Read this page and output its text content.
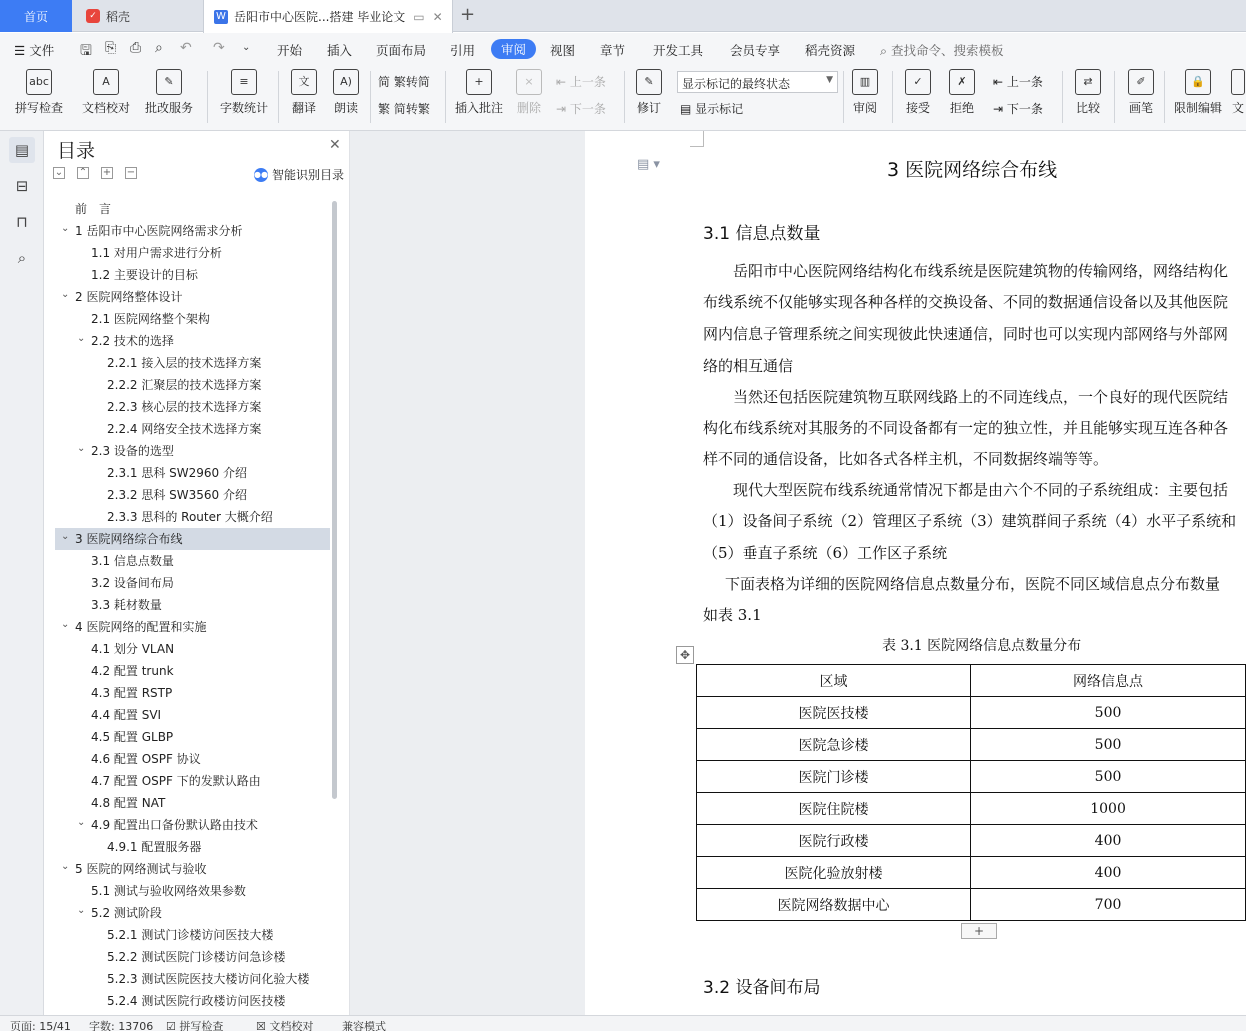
首页	✓ 稻壳	W 岳阳市中心医院...搭建 毕业论文 ▭ ✕ +
☰ 文件 🖫 ⎘ ⎙ ⌕ ↶ ↷ ⌄ 开始 插入 页面布局 引用	审阅	视图 章节 开发工具 会员专享 稻壳资源 ⌕ 查找命令、搜索模板
abc
拼写检查
A
文档校对
✎
批改服务
≡
字数统计
文
翻译
A)
朗读
简 繁转简
繁 简转繁
+
插入批注
×
删除
⇤ 上一条
⇥ 下一条
✎
修订
显示标记的最终状态	▼
▤ 显示标记
▥
审阅
✓
接受
✗
拒绝
⇤ 上一条
⇥ 下一条
⇄
比较
✐
画笔
🔒
限制编辑 文
▤
⊟
⊓
⌕
目录	✕
⌄ ⌃ + −	●● 智能识别目录
前　言
⌄ 1 岳阳市中心医院网络需求分析
1.1 对用户需求进行分析
1.2 主要设计的目标
⌄ 2 医院网络整体设计
2.1 医院网络整个架构
⌄ 2.2 技术的选择
2.2.1 接入层的技术选择方案
2.2.2 汇聚层的技术选择方案
2.2.3 核心层的技术选择方案
2.2.4 网络安全技术选择方案
⌄ 2.3 设备的选型
2.3.1 思科 SW2960 介绍
2.3.2 思科 SW3560 介绍
2.3.3 思科的 Router 大概介绍
⌄ 3 医院网络综合布线
3.1 信息点数量
3.2 设备间布局
3.3 耗材数量
⌄ 4 医院网络的配置和实施
4.1 划分 VLAN
4.2 配置 trunk
4.3 配置 RSTP
4.4 配置 SVI
4.5 配置 GLBP
4.6 配置 OSPF 协议
4.7 配置 OSPF 下的发默认路由
4.8 配置 NAT
⌄ 4.9 配置出口备份默认路由技术
4.9.1 配置服务器
⌄ 5 医院的网络测试与验收
5.1 测试与验收网络效果参数
⌄ 5.2 测试阶段
5.2.1 测试门诊楼访问医技大楼
5.2.2 测试医院门诊楼访问急诊楼
5.2.3 测试医院医技大楼访问化验大楼
5.2.4 测试医院行政楼访问医技楼
▤ ▾	3 医院网络综合布线
3.1 信息点数量
岳阳市中心医院网络结构化布线系统是医院建筑物的传输网络，网络结构化
布线系统不仅能够实现各种各样的交换设备、不同的数据通信设备以及其他医院
网内信息子管理系统之间实现彼此快速通信，同时也可以实现内部网络与外部网
络的相互通信
当然还包括医院建筑物互联网线路上的不同连线点，一个良好的现代医院结
构化布线系统对其服务的不同设备都有一定的独立性，并且能够实现互连各种各
样不同的通信设备，比如各式各样主机，不同数据终端等等。
现代大型医院布线系统通常情况下都是由六个不同的子系统组成：主要包括
（1）设备间子系统（2）管理区子系统（3）建筑群间子系统（4）水平子系统和
（5）垂直子系统（6）工作区子系统
下面表格为详细的医院网络信息点数量分布，医院不同区域信息点分布数量
如表 3.1
表 3.1 医院网络信息点数量分布
✥
区域	网络信息点
医院医技楼	500
医院急诊楼	500
医院门诊楼	500
医院住院楼	1000
医院行政楼	400
医院化验放射楼	400
医院网络数据中心	700
+
3.2 设备间布局
页面: 15/41 字数: 13706 ☑ 拼写检查	☒ 文档校对	兼容模式
